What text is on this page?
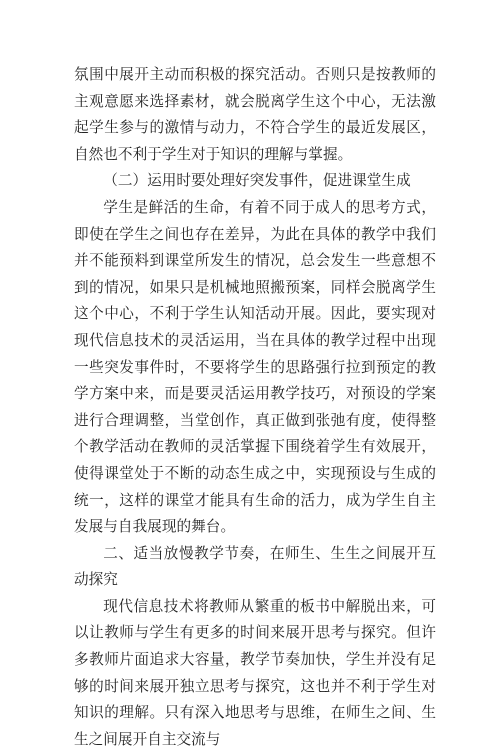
氛围中展开主动而积极的探究活动。否则只是按教师的主观意愿来选择素材，就会脱离学生这个中心，无法激起学生参与的激情与动力，不符合学生的最近发展区，自然也不利于学生对于知识的理解与掌握。

（二）运用时要处理好突发事件，促进课堂生成

学生是鲜活的生命，有着不同于成人的思考方式，即使在学生之间也存在差异，为此在具体的教学中我们并不能预料到课堂所发生的情况，总会发生一些意想不到的情况，如果只是机械地照搬预案，同样会脱离学生这个中心，不利于学生认知活动开展。因此，要实现对现代信息技术的灵活运用，当在具体的教学过程中出现一些突发事件时，不要将学生的思路强行拉到预定的教学方案中来，而是要灵活运用教学技巧，对预设的学案进行合理调整，当堂创作，真正做到张弛有度，使得整个教学活动在教师的灵活掌握下围绕着学生有效展开，使得课堂处于不断的动态生成之中，实现预设与生成的统一，这样的课堂才能具有生命的活力，成为学生自主发展与自我展现的舞台。

二、适当放慢教学节奏，在师生、生生之间展开互动探究

现代信息技术将教师从繁重的板书中解脱出来，可以让教师与学生有更多的时间来展开思考与探究。但许多教师片面追求大容量，教学节奏加快，学生并没有足够的时间来展开独立思考与探究，这也并不利于学生对知识的理解。只有深入地思考与思维，在师生之间、生生之间展开自主交流与
